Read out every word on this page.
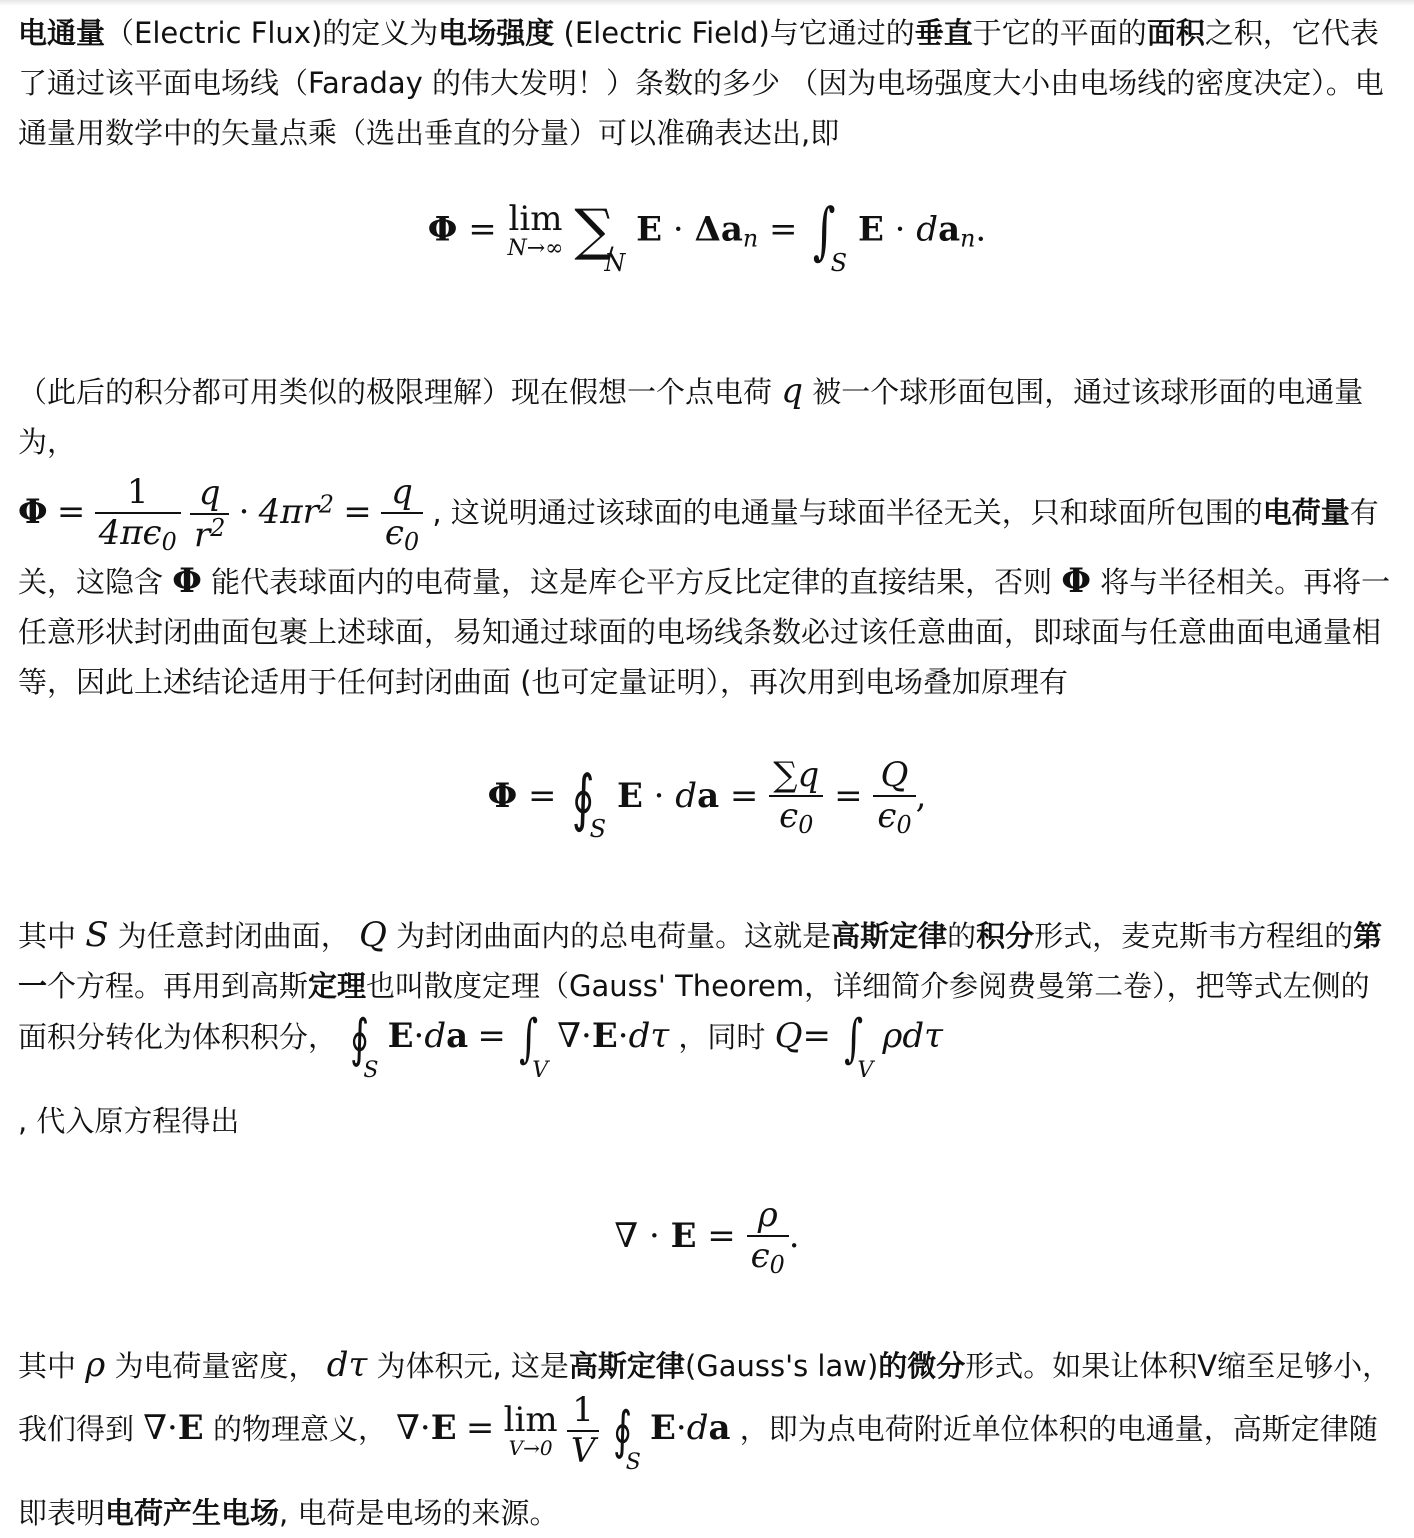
电通量（Electric Flux)的定义为电场强度 (Electric Field)与它通过的垂直于它的平面的面积之积，它代表了通过该平面电场线（Faraday 的伟大发明！）条数的多少 （因为电场强度大小由电场线的密度决定）。电通量用数学中的矢量点乘（选出垂直的分量）可以准确表达出,即

Φ = lim
N→∞ ∑N $E \cdot \Delta a_n = \int S$ $E \cdot da_n$.
（此后的积分都可用类似的极限理解）现在假想一个点电荷 q 被一个球形面包围，通过该球形面的电通量为，
$\Phi = \frac{1}{4\pi\epsilon_0}$
$\frac{q}{r^2} \cdot 4\pi r^2 = \frac{q}{\epsilon_0}$ , 这说明通过该球面的电通量与球面半径无关，只和球面所包围的电荷量有关，这隐含 Φ 能代表球面内的电荷量，这是库仑平方反比定律的直接结果，否则 Φ 将与半径相关。再将一任意形状封闭曲面包裹上述球面，易知通过球面的电场线条数必过该任意曲面，即球面与任意曲面电通量相等，因此上述结论适用于任何封闭曲面 (也可定量证明），再次用到电场叠加原理有
Φ = ∮S E · da = $\frac{\sum q}{\epsilon_0} = \frac{Q}{\epsilon_0}$ ,
其中 S 为任意封闭曲面， Q 为封闭曲面内的总电荷量。这就是高斯定律的积分形式，麦克斯韦方程组的第一个方程。再用到高斯定理也叫散度定理（Gauss' Theorem，详细简介参阅费曼第二卷），把等式左侧的面积分转化为体积积分， ∮S E·da = ∫V ∇·E·dτ ，同时 Q= ∫V ρdτ
, 代入原方程得出
∇ · $E = \frac{\rho}{\epsilon_0}$ .
其中 ρ 为电荷量密度， dτ 为体积元, 这是高斯定律(Gauss's law)的微分形式。如果让体积V缩至足够小，我们得到 ∇·E 的物理意义， ∇·E = lim
V→0
$\frac{1}{V}$ ∮S E·da ，即为点电荷附近单位体积的电通量，高斯定律随即表明电荷产生电场, 电荷是电场的来源。
